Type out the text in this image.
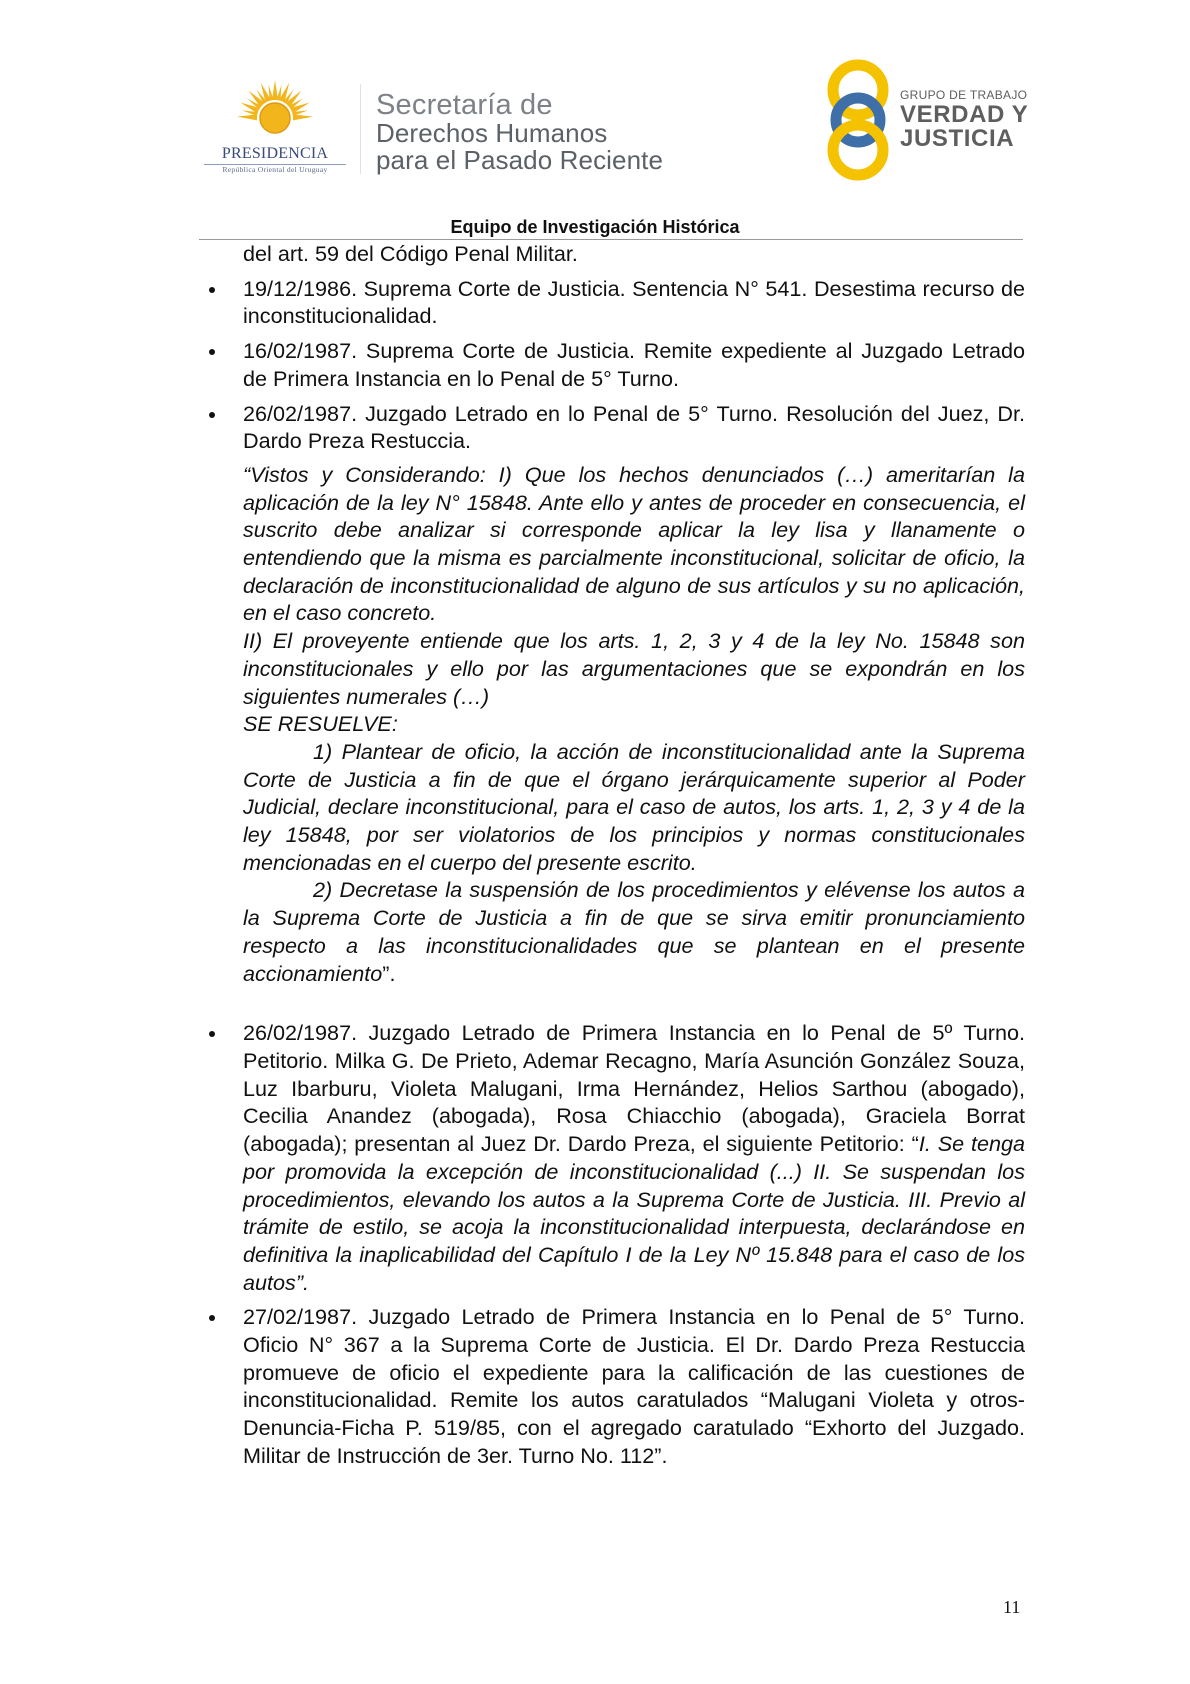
PRESIDENCIA
República Oriental del Uruguay
Secretaría de
Derechos Humanos
para el Pasado Reciente
GRUPO DE TRABAJO
VERDAD Y
JUSTICIA
Equipo de Investigación Histórica

del art. 59 del Código Penal Militar.

19/12/1986. Suprema Corte de Justicia. Sentencia N° 541. Desestima recurso de inconstitucionalidad.

16/02/1987. Suprema Corte de Justicia. Remite expediente al Juzgado Letrado de Primera Instancia en lo Penal de 5° Turno.

26/02/1987. Juzgado Letrado en lo Penal de 5° Turno. Resolución del Juez, Dr. Dardo Preza Restuccia.

“Vistos y Considerando: I) Que los hechos denunciados (…) ameritarían la aplicación de la ley N° 15848. Ante ello y antes de proceder en consecuencia, el suscrito debe analizar si corresponde aplicar la ley lisa y llanamente o entendiendo que la misma es parcialmente inconstitucional, solicitar de oficio, la declaración de inconstitucionalidad de alguno de sus artículos y su no aplicación, en el caso concreto.

II) El proveyente entiende que los arts. 1, 2, 3 y 4 de la ley No. 15848 son inconstitucionales y ello por las argumentaciones que se expondrán en los siguientes numerales (…)

SE RESUELVE:

1) Plantear de oficio, la acción de inconstitucionalidad ante la Suprema Corte de Justicia a fin de que el órgano jerárquicamente superior al Poder Judicial, declare inconstitucional, para el caso de autos, los arts. 1, 2, 3 y 4 de la ley 15848, por ser violatorios de los principios y normas constitucionales mencionadas en el cuerpo del presente escrito.

2) Decretase la suspensión de los procedimientos y elévense los autos a la Suprema Corte de Justicia a fin de que se sirva emitir pronunciamiento respecto a las inconstitucionalidades que se plantean en el presente accionamiento”.

26/02/1987. Juzgado Letrado de Primera Instancia en lo Penal de 5º Turno. Petitorio. Milka G. De Prieto, Ademar Recagno, María Asunción González Souza, Luz Ibarburu, Violeta Malugani, Irma Hernández, Helios Sarthou (abogado), Cecilia Anandez (abogada), Rosa Chiacchio (abogada), Graciela Borrat (abogada); presentan al Juez Dr. Dardo Preza, el siguiente Petitorio: “I. Se tenga por promovida la excepción de inconstitucionalidad (...) II. Se suspendan los procedimientos, elevando los autos a la Suprema Corte de Justicia. III. Previo al trámite de estilo, se acoja la inconstitucionalidad interpuesta, declarándose en definitiva la inaplicabilidad del Capítulo I de la Ley Nº 15.848 para el caso de los autos”.

27/02/1987. Juzgado Letrado de Primera Instancia en lo Penal de 5° Turno. Oficio N° 367 a la Suprema Corte de Justicia. El Dr. Dardo Preza Restuccia promueve de oficio el expediente para la calificación de las cuestiones de inconstitucionalidad. Remite los autos caratulados “Malugani Violeta y otros-Denuncia-Ficha P. 519/85, con el agregado caratulado “Exhorto del Juzgado. Militar de Instrucción de 3er. Turno No. 112”.

11
